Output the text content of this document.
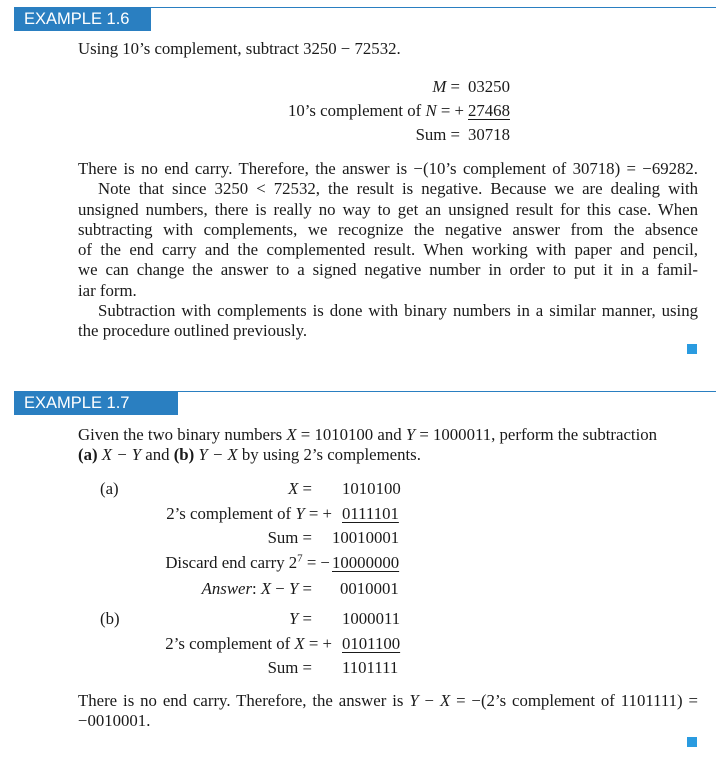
EXAMPLE 1.6
Using 10’s complement, subtract 3250 − 72532.
M = 03250
10’s complement of N = + 27468
Sum = 30718
There is no end carry. Therefore, the answer is −(10’s complement of 30718) = −69282.
Note that since 3250 < 72532, the result is negative. Because we are dealing with
unsigned numbers, there is really no way to get an unsigned result for this case. When
subtracting with complements, we recognize the negative answer from the absence
of the end carry and the complemented result. When working with paper and pencil,
we can change the answer to a signed negative number in order to put it in a famil-
iar form.
Subtraction with complements is done with binary numbers in a similar manner, using
the procedure outlined previously.
EXAMPLE 1.7
Given the two binary numbers X = 1010100 and Y = 1000011, perform the subtraction
(a) X − Y and (b) Y − X by using 2’s complements.
(a)	X = 1010100
2’s complement of Y = + 0111101
Sum = 10010001
Discard end carry $2^7$ = − 10000000
Answer: X − Y = 0010001
(b)	Y = 1000011
2’s complement of X = + 0101100
Sum = 1101111
There is no end carry. Therefore, the answer is Y − X = −(2’s complement of 1101111) =
−0010001.
